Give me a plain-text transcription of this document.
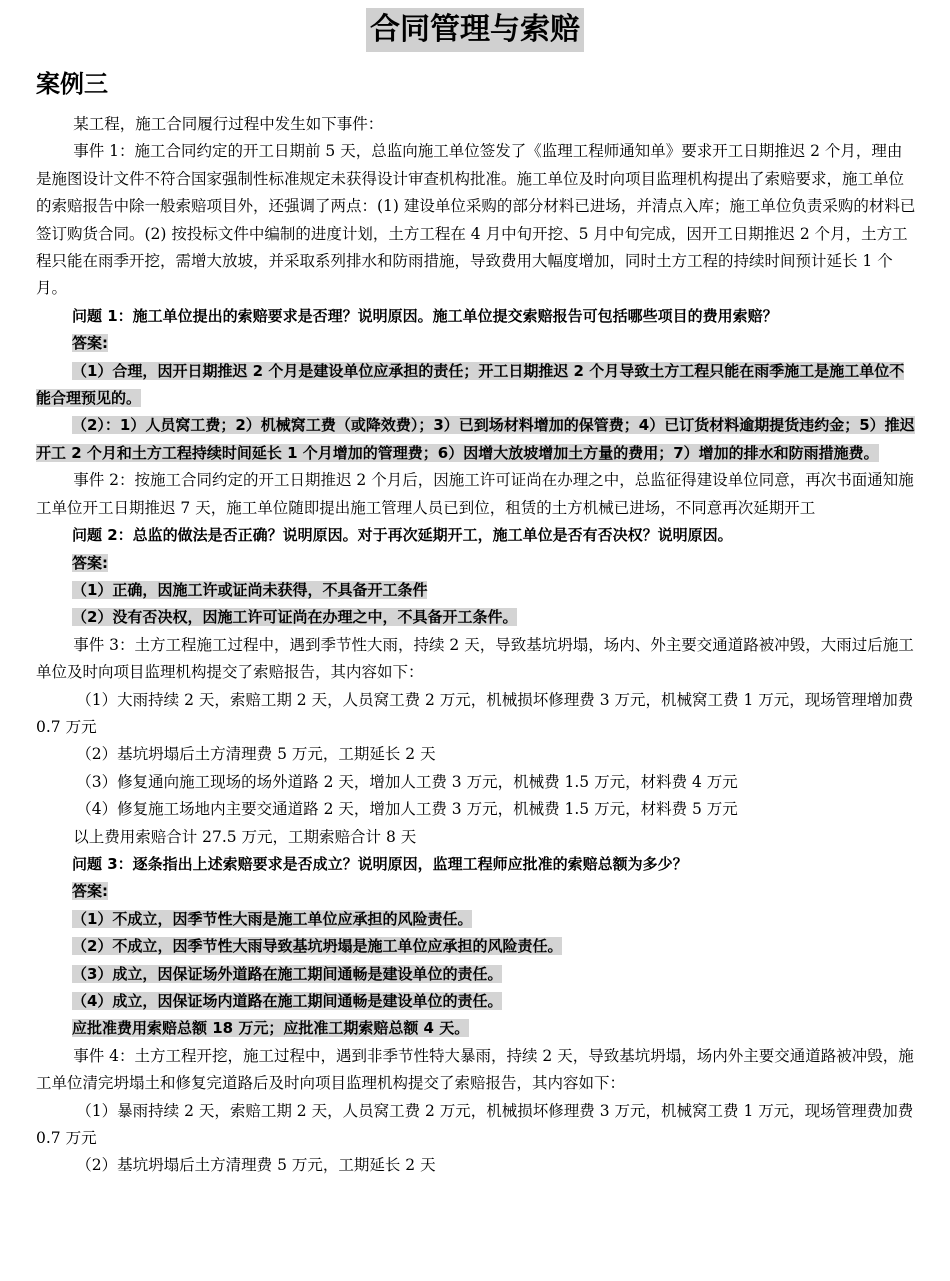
合同管理与索赔
案例三

某工程，施工合同履行过程中发生如下事件：

事件 1：施工合同约定的开工日期前 5 天，总监向施工单位签发了《监理工程师通知单》要求开工日期推迟 2 个月，理由是施图设计文件不符合国家强制性标准规定未获得设计审查机构批准。施工单位及时向项目监理机构提出了索赔要求，施工单位的索赔报告中除一般索赔项目外，还强调了两点：(1) 建设单位采购的部分材料已进场，并清点入库；施工单位负责采购的材料已签订购货合同。(2) 按投标文件中编制的进度计划，土方工程在 4 月中旬开挖、5 月中旬完成，因开工日期推迟 2 个月，土方工程只能在雨季开挖，需增大放坡，并采取系列排水和防雨措施，导致费用大幅度增加，同时土方工程的持续时间预计延长 1 个月。

问题 1：施工单位提出的索赔要求是否理？说明原因。施工单位提交索赔报告可包括哪些项目的费用索赔？

答案:

（1）合理，因开日期推迟 2 个月是建设单位应承担的责任；开工日期推迟 2 个月导致土方工程只能在雨季施工是施工单位不能合理预见的。

（2）：1）人员窝工费；2）机械窝工费（或降效费）；3）已到场材料增加的保管费；4）已订货材料逾期提货违约金；5）推迟开工 2 个月和土方工程持续时间延长 1 个月增加的管理费；6）因增大放坡增加土方量的费用；7）增加的排水和防雨措施费。

事件 2：按施工合同约定的开工日期推迟 2 个月后，因施工许可证尚在办理之中，总监征得建设单位同意，再次书面通知施工单位开工日期推迟 7 天，施工单位随即提出施工管理人员已到位，租赁的土方机械已进场，不同意再次延期开工

问题 2：总监的做法是否正确？说明原因。对于再次延期开工，施工单位是否有否决权？说明原因。

答案:

（1）正确，因施工许或证尚未获得，不具备开工条件

（2）没有否决权，因施工许可证尚在办理之中，不具备开工条件。

事件 3：土方工程施工过程中，遇到季节性大雨，持续 2 天，导致基坑坍塌，场内、外主要交通道路被冲毁，大雨过后施工单位及时向项目监理机构提交了索赔报告，其内容如下：

（1）大雨持续 2 天，索赔工期 2 天，人员窝工费 2 万元，机械损坏修理费 3 万元，机械窝工费 1 万元，现场管理增加费 0.7 万元

（2）基坑坍塌后土方清理费 5 万元，工期延长 2 天

（3）修复通向施工现场的场外道路 2 天，增加人工费 3 万元，机械费 1.5 万元，材料费 4 万元

（4）修复施工场地内主要交通道路 2 天，增加人工费 3 万元，机械费 1.5 万元，材料费 5 万元

以上费用索赔合计 27.5 万元，工期索赔合计 8 天

问题 3：逐条指出上述索赔要求是否成立？说明原因，监理工程师应批准的索赔总额为多少？

答案:

（1）不成立，因季节性大雨是施工单位应承担的风险责任。

（2）不成立，因季节性大雨导致基坑坍塌是施工单位应承担的风险责任。

（3）成立，因保证场外道路在施工期间通畅是建设单位的责任。

（4）成立，因保证场内道路在施工期间通畅是建设单位的责任。

应批准费用索赔总额 18 万元；应批准工期索赔总额 4 天。

事件 4：土方工程开挖，施工过程中，遇到非季节性特大暴雨，持续 2 天，导致基坑坍塌，场内外主要交通道路被冲毁，施工单位清完坍塌土和修复完道路后及时向项目监理机构提交了索赔报告，其内容如下：

（1）暴雨持续 2 天，索赔工期 2 天，人员窝工费 2 万元，机械损坏修理费 3 万元，机械窝工费 1 万元，现场管理费加费 0.7 万元

（2）基坑坍塌后土方清理费 5 万元，工期延长 2 天
